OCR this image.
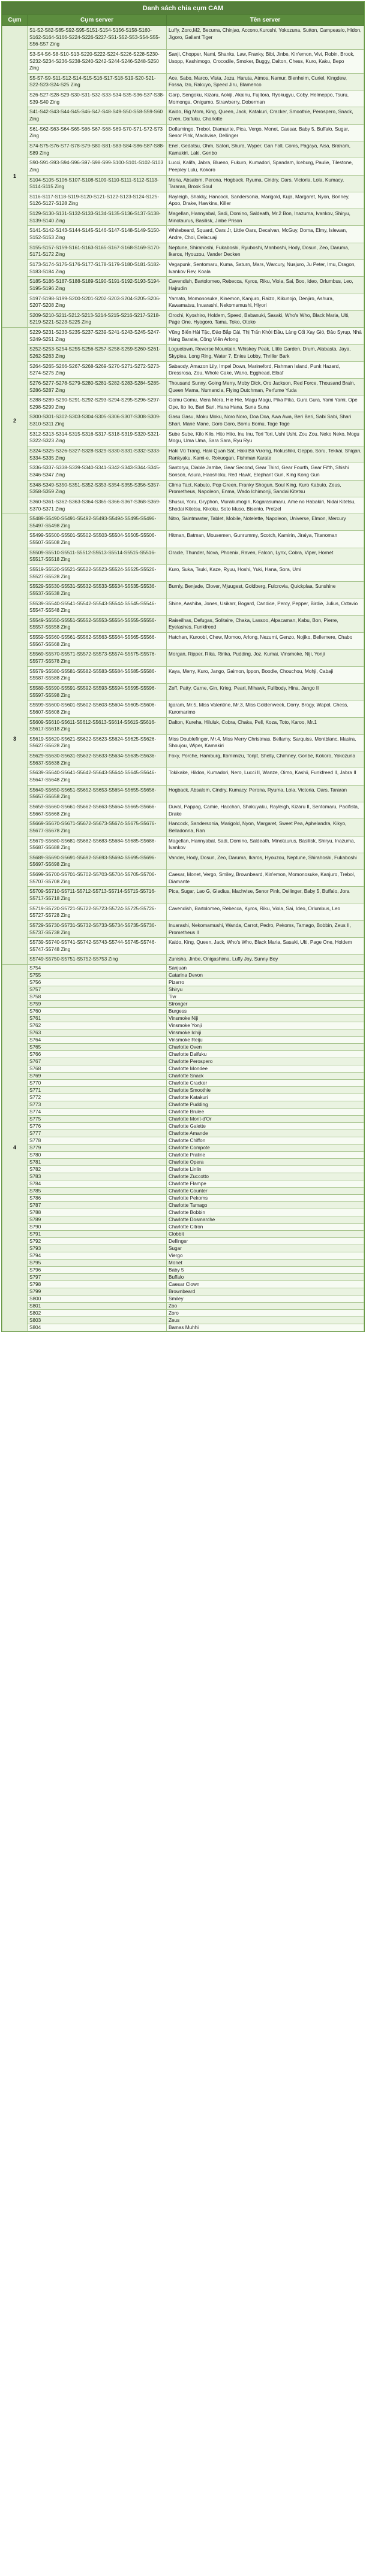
Danh sách chia cụm CAM		
Cụm	Cụm server	Tên server
1	S1-S2-S82-S85-S92-S95-S151-S154-S156-S158-S160-S162-S164-S166-S224-S226-S227-S51-S52-S53-S54-S55-S56-S57 Zing	Luffy, Zoro,M2, Becurra, Chinjao, Accono,Kuroshi, Yokozuna, Sutton, Campeasio, Hidon, Jigoro, Gallant Tiger
	S3-S4-S6-S8-S10-S13-S220-S222-S224-S226-S228-S230-S232-S234-S236-S238-S240-S242-S244-S246-S248-S250 Zing	Sanji, Chopper, Nami, Shanks, Law, Franky, Bibi, Jinbe, Kin'emon, Vivi, Robin, Brook, Usopp, Kashimogo, Crocodile, Smoker, Buggy, Dalton, Chess, Kuro, Kaku, Bepo
	S5-S7-S9-S11-S12-S14-S15-S16-S17-S18-S19-S20-S21-S22-S23-S24-S25 Zing	Ace, Sabo, Marco, Vista, Jozu, Haruta, Atmos, Namur, Blenheim, Curiel, Kingdew, Fossa, Izo, Rakuyo, Speed Jiru, Blamenco
	S26-S27-S28-S29-S30-S31-S32-S33-S34-S35-S36-S37-S38-S39-S40 Zing	Garp, Sengoku, Kizaru, Aokiji, Akainu, Fujitora, Ryokugyu, Coby, Helmeppo, Tsuru, Momonga, Onigumo, Strawberry, Doberman
	S41-S42-S43-S44-S45-S46-S47-S48-S49-S50-S58-S59-S60 Zing	Kaido, Big Mom, King, Queen, Jack, Katakuri, Cracker, Smoothie, Perospero, Snack, Oven, Daifuku, Charlotte
	S61-S62-S63-S64-S65-S66-S67-S68-S69-S70-S71-S72-S73 Zing	Doflamingo, Trebol, Diamante, Pica, Vergo, Monet, Caesar, Baby 5, Buffalo, Sugar, Senor Pink, Machvise, Dellinger
	S74-S75-S76-S77-S78-S79-S80-S81-S83-S84-S86-S87-S88-S89 Zing	Enel, Gedatsu, Ohm, Satori, Shura, Wyper, Gan Fall, Conis, Pagaya, Aisa, Braham, Kamakiri, Laki, Genbo
	S90-S91-S93-S94-S96-S97-S98-S99-S100-S101-S102-S103 Zing	Lucci, Kalifa, Jabra, Blueno, Fukuro, Kumadori, Spandam, Iceburg, Paulie, Tilestone, Peepley Lulu, Kokoro
	S104-S105-S106-S107-S108-S109-S110-S111-S112-S113-S114-S115 Zing	Moria, Absalom, Perona, Hogback, Ryuma, Cindry, Oars, Victoria, Lola, Kumacy, Tararan, Brook Soul
	S116-S117-S118-S119-S120-S121-S122-S123-S124-S125-S126-S127-S128 Zing	Rayleigh, Shakky, Hancock, Sandersonia, Marigold, Kuja, Margaret, Nyon, Bonney, Apoo, Drake, Hawkins, Killer
	S129-S130-S131-S132-S133-S134-S135-S136-S137-S138-S139-S140 Zing	Magellan, Hannyabal, Sadi, Domino, Saldeath, Mr.2 Bon, Inazuma, Ivankov, Shiryu, Minotaurus, Basilisk, Jinbe Prison
	S141-S142-S143-S144-S145-S146-S147-S148-S149-S150-S152-S153 Zing	Whitebeard, Squard, Oars Jr, Little Oars, Decalvan, McGuy, Doma, Elmy, Islewan, Andre, Choi, Delacuaji
	S155-S157-S159-S161-S163-S165-S167-S168-S169-S170-S171-S172 Zing	Neptune, Shirahoshi, Fukaboshi, Ryuboshi, Manboshi, Hody, Dosun, Zeo, Daruma, Ikaros, Hyouzou, Vander Decken
	S173-S174-S175-S176-S177-S178-S179-S180-S181-S182-S183-S184 Zing	Vegapunk, Sentomaru, Kuma, Saturn, Mars, Warcury, Nusjuro, Ju Peter, Imu, Dragon, Ivankov Rev, Koala
	S185-S186-S187-S188-S189-S190-S191-S192-S193-S194-S195-S196 Zing	Cavendish, Bartolomeo, Rebecca, Kyros, Riku, Viola, Sai, Boo, Ideo, Orlumbus, Leo, Hajrudin
	S197-S198-S199-S200-S201-S202-S203-S204-S205-S206-S207-S208 Zing	Yamato, Momonosuke, Kinemon, Kanjuro, Raizo, Kikunojo, Denjiro, Ashura, Kawamatsu, Inuarashi, Nekomamushi, Hiyori
	S209-S210-S211-S212-S213-S214-S215-S216-S217-S218-S219-S221-S223-S225 Zing	Orochi, Kyoshiro, Holdem, Speed, Babanuki, Sasaki, Who's Who, Black Maria, Ulti, Page One, Hyogoro, Tama, Toko, Otoko
2	S229-S231-S233-S235-S237-S239-S241-S243-S245-S247-S249-S251 Zing	Vũng Biển Hải Tặc, Đảo Bắp Cải, Thị Trấn Khởi Đầu, Làng Cối Xay Gió, Đảo Syrup, Nhà Hàng Baratie, Công Viên Arlong
	S252-S253-S254-S255-S256-S257-S258-S259-S260-S261-S262-S263 Zing	Loguetown, Reverse Mountain, Whiskey Peak, Little Garden, Drum, Alabasta, Jaya, Skypiea, Long Ring, Water 7, Enies Lobby, Thriller Bark
	S264-S265-S266-S267-S268-S269-S270-S271-S272-S273-S274-S275 Zing	Sabaody, Amazon Lily, Impel Down, Marineford, Fishman Island, Punk Hazard, Dressrosa, Zou, Whole Cake, Wano, Egghead, Elbaf
	S276-S277-S278-S279-S280-S281-S282-S283-S284-S285-S286-S287 Zing	Thousand Sunny, Going Merry, Moby Dick, Oro Jackson, Red Force, Thousand Brain, Queen Mama, Numancia, Flying Dutchman, Perfume Yuda
	S288-S289-S290-S291-S292-S293-S294-S295-S296-S297-S298-S299 Zing	Gomu Gomu, Mera Mera, Hie Hie, Magu Magu, Pika Pika, Gura Gura, Yami Yami, Ope Ope, Ito Ito, Bari Bari, Hana Hana, Suna Suna
	S300-S301-S302-S303-S304-S305-S306-S307-S308-S309-S310-S311 Zing	Gasu Gasu, Moku Moku, Noro Noro, Doa Doa, Awa Awa, Beri Beri, Sabi Sabi, Shari Shari, Mane Mane, Goro Goro, Bomu Bomu, Toge Toge
	S312-S313-S314-S315-S316-S317-S318-S319-S320-S321-S322-S323 Zing	Sube Sube, Kilo Kilo, Hito Hito, Inu Inu, Tori Tori, Ushi Ushi, Zou Zou, Neko Neko, Mogu Mogu, Uma Uma, Sara Sara, Ryu Ryu
	S324-S325-S326-S327-S328-S329-S330-S331-S332-S333-S334-S335 Zing	Haki Vũ Trang, Haki Quan Sát, Haki Bá Vương, Rokushiki, Geppo, Soru, Tekkai, Shigan, Rankyaku, Kami-e, Rokuogan, Fishman Karate
	S336-S337-S338-S339-S340-S341-S342-S343-S344-S345-S346-S347 Zing	Santoryu, Diable Jambe, Gear Second, Gear Third, Gear Fourth, Gear Fifth, Shishi Sonson, Asura, Haoshoku, Red Hawk, Elephant Gun, King Kong Gun
	S348-S349-S350-S351-S352-S353-S354-S355-S356-S357-S358-S359 Zing	Clima Tact, Kabuto, Pop Green, Franky Shogun, Soul King, Kuro Kabuto, Zeus, Prometheus, Napoleon, Enma, Wado Ichimonji, Sandai Kitetsu
	S360-S361-S362-S363-S364-S365-S366-S367-S368-S369-S370-S371 Zing	Shusui, Yoru, Gryphon, Murakumogiri, Kogarasumaru, Ame no Habakiri, Nidai Kitetsu, Shodai Kitetsu, Kikoku, Soto Muso, Bisento, Pretzel
3	S5489-S5490-S5491-S5492-S5493-S5494-S5495-S5496-S5497-S5498 Zing	Nitro, Saintmaster, Tablet, Mobile, Notelette, Napoleon, Universe, Elmon, Mercury
	S5499-S5500-S5501-S5502-S5503-S5504-S5505-S5506-S5507-S5508 Zing	Hitman, Batman, Mousemen, Gunrummy, Scotch, Kamirin, Jiraiya, Titanoman
	S5509-S5510-S5511-S5512-S5513-S5514-S5515-S5516-S5517-S5518 Zing	Oracle, Thunder, Nova, Phoenix, Raven, Falcon, Lynx, Cobra, Viper, Hornet
	S5519-S5520-S5521-S5522-S5523-S5524-S5525-S5526-S5527-S5528 Zing	Kuro, Suka, Tsuki, Kaze, Ryuu, Hoshi, Yuki, Hana, Sora, Umi
	S5529-S5530-S5531-S5532-S5533-S5534-S5535-S5536-S5537-S5538 Zing	Burnly, Benjade, Clover, Mjuugest, Goldberg, Fulcrovia, Quickplaa, Sunshine
	S5539-S5540-S5541-S5542-S5543-S5544-S5545-S5546-S5547-S5548 Zing	Shine, Aashiba, Jones, Usikarr, Bogard, Candice, Percy, Pepper, Birdie, Julius, Octavio
	S5549-S5550-S5551-S5552-S5553-S5554-S5555-S5556-S5557-S5558 Zing	Raiseilhas, Defugas, Solitaire, Chaka, Lassoo, Alpacaman, Kabu, Bon, Pierre, Eyelashes, Funkfreed
	S5559-S5560-S5561-S5562-S5563-S5564-S5565-S5566-S5567-S5568 Zing	Hatchan, Kuroobi, Chew, Momoo, Arlong, Nezumi, Genzo, Nojiko, Bellemere, Chabo
	S5569-S5570-S5571-S5572-S5573-S5574-S5575-S5576-S5577-S5578 Zing	Morgan, Ripper, Rika, Ririka, Pudding, Joz, Kumai, Vinsmoke, Niji, Yonji
	S5579-S5580-S5581-S5582-S5583-S5584-S5585-S5586-S5587-S5588 Zing	Kaya, Merry, Kuro, Jango, Gaimon, Ippon, Boodle, Chouchou, Mohji, Cabaji
	S5589-S5590-S5591-S5592-S5593-S5594-S5595-S5596-S5597-S5598 Zing	Zeff, Patty, Carne, Gin, Krieg, Pearl, Mihawk, Fullbody, Hina, Jango II
	S5599-S5600-S5601-S5602-S5603-S5604-S5605-S5606-S5607-S5608 Zing	Igaram, Mr.5, Miss Valentine, Mr.3, Miss Goldenweek, Dorry, Brogy, Wapol, Chess, Kuromarimo
	S5609-S5610-S5611-S5612-S5613-S5614-S5615-S5616-S5617-S5618 Zing	Dalton, Kureha, Hiluluk, Cobra, Chaka, Pell, Koza, Toto, Karoo, Mr.1
	S5619-S5620-S5621-S5622-S5623-S5624-S5625-S5626-S5627-S5628 Zing	Miss Doublefinger, Mr.4, Miss Merry Christmas, Bellamy, Sarquiss, Montblanc, Masira, Shoujou, Wiper, Kamakiri
	S5629-S5630-S5631-S5632-S5633-S5634-S5635-S5636-S5637-S5638 Zing	Foxy, Porche, Hamburg, Itomimizu, Tonjit, Shelly, Chimney, Gonbe, Kokoro, Yokozuna
	S5639-S5640-S5641-S5642-S5643-S5644-S5645-S5646-S5647-S5648 Zing	Tokikake, Hildon, Kumadori, Nero, Lucci II, Wanze, Oimo, Kashii, Funkfreed II, Jabra II
	S5649-S5650-S5651-S5652-S5653-S5654-S5655-S5656-S5657-S5658 Zing	Hogback, Absalom, Cindry, Kumacy, Perona, Ryuma, Lola, Victoria, Oars, Tararan
	S5659-S5660-S5661-S5662-S5663-S5664-S5665-S5666-S5667-S5668 Zing	Duval, Pappag, Camie, Hacchan, Shakuyaku, Rayleigh, Kizaru II, Sentomaru, Pacifista, Drake
	S5669-S5670-S5671-S5672-S5673-S5674-S5675-S5676-S5677-S5678 Zing	Hancock, Sandersonia, Marigold, Nyon, Margaret, Sweet Pea, Aphelandra, Kikyo, Belladonna, Ran
	S5679-S5680-S5681-S5682-S5683-S5684-S5685-S5686-S5687-S5688 Zing	Magellan, Hannyabal, Sadi, Domino, Saldeath, Minotaurus, Basilisk, Shiryu, Inazuma, Ivankov
	S5689-S5690-S5691-S5692-S5693-S5694-S5695-S5696-S5697-S5698 Zing	Vander, Hody, Dosun, Zeo, Daruma, Ikaros, Hyouzou, Neptune, Shirahoshi, Fukaboshi
	S5699-S5700-S5701-S5702-S5703-S5704-S5705-S5706-S5707-S5708 Zing	Caesar, Monet, Vergo, Smiley, Brownbeard, Kin'emon, Momonosuke, Kanjuro, Trebol, Diamante
	S5709-S5710-S5711-S5712-S5713-S5714-S5715-S5716-S5717-S5718 Zing	Pica, Sugar, Lao G, Gladius, Machvise, Senor Pink, Dellinger, Baby 5, Buffalo, Jora
	S5719-S5720-S5721-S5722-S5723-S5724-S5725-S5726-S5727-S5728 Zing	Cavendish, Bartolomeo, Rebecca, Kyros, Riku, Viola, Sai, Ideo, Orlumbus, Leo
	S5729-S5730-S5731-S5732-S5733-S5734-S5735-S5736-S5737-S5738 Zing	Inuarashi, Nekomamushi, Wanda, Carrot, Pedro, Pekoms, Tamago, Bobbin, Zeus II, Prometheus II
	S5739-S5740-S5741-S5742-S5743-S5744-S5745-S5746-S5747-S5748 Zing	Kaido, King, Queen, Jack, Who's Who, Black Maria, Sasaki, Ulti, Page One, Holdem
	S5749-S5750-S5751-S5752-S5753 Zing	Zunisha, Jinbe, Onigashima, Luffy Joy, Sunny Boy
4	S754	Sanjuan
	S755	Catarina Devon
	S756	Pizarro
	S757	Shiryu
	S758	Tiw
	S759	Stronger
	S760	Burgess
	S761	Vinsmoke Niji
	S762	Vinsmoke Yonji
	S763	Vinsmoke Ichiji
	S764	Vinsmoke Reiju
	S765	Charlotte Oven
	S766	Charlotte Daifuku
	S767	Charlotte Perospero
	S768	Charlotte Mondee
	S769	Charlotte Snack
	S770	Charlotte Cracker
	S771	Charlotte Smoothie
	S772	Charlotte Katakuri
	S773	Charlotte Pudding
	S774	Charlotte Brulee
	S775	Charlotte Mont-d'Or
	S776	Charlotte Galette
	S777	Charlotte Amande
	S778	Charlotte Chiffon
	S779	Charlotte Compote
	S780	Charlotte Praline
	S781	Charlotte Opera
	S782	Charlotte Linlin
	S783	Charlotte Zuccotto
	S784	Charlotte Flampe
	S785	Charlotte Counter
	S786	Charlotte Pekoms
	S787	Charlotte Tamago
	S788	Charlotte Bobbin
	S789	Charlotte Dosmarche
	S790	Charlotte Citron
	S791	Clobbit
	S792	Dellinger
	S793	Sugar
	S794	Viergo
	S795	Monet
	S796	Baby 5
	S797	Buffalo
	S798	Caesar Clown
	S799	Brownbeard
	S800	Smiley
	S801	Zoo
	S802	Zoro
	S803	Zeus
	S804	Bamas Muhhi
